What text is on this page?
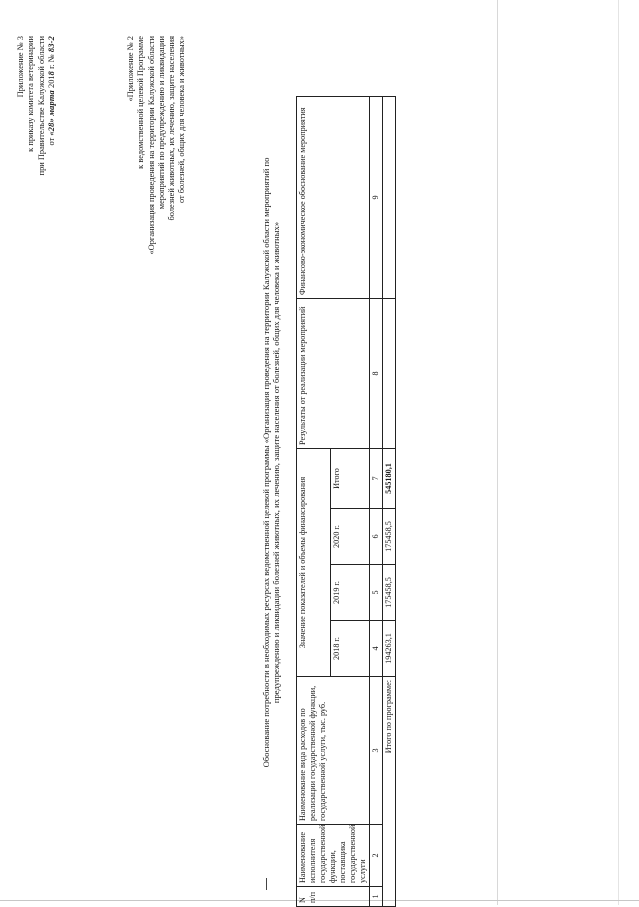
Приложение № 3 к приказу комитета ветеринарии при Правительстве Калужской области от «28» марта 2018 г. № 83-2	«Приложение № 2 к ведомственной целевой Программе «Организация проведения на территории Калужской области мероприятий по предупреждению и ликвидации болезней животных, их лечению, защите населения от болезней, общих для человека и животных»

Обоснование потребности в необходимых ресурсах ведомственной целевой программы «Организация проведения на территории Калужской области мероприятий по предупреждению и ликвидации болезней животных, их лечению, защите населения от болезней, общих для человека и животных»

N п/п	Наименование исполнителя государственной функции, поставщика государственной услуги	Наименование вида расходов по реализации государственной функции, государственной услуги, тыс. руб.	Значение показателей и объемы финансирования				Результаты от реализации мероприятий	Финансово-экономическое обоснование мероприятия
			2018 г.	2019 г.	2020 г.	Итого		
1	2	3	4	5	6	7	8	9
Итого по программе:			194263,1	175458,5	175458,5	545180,1		
